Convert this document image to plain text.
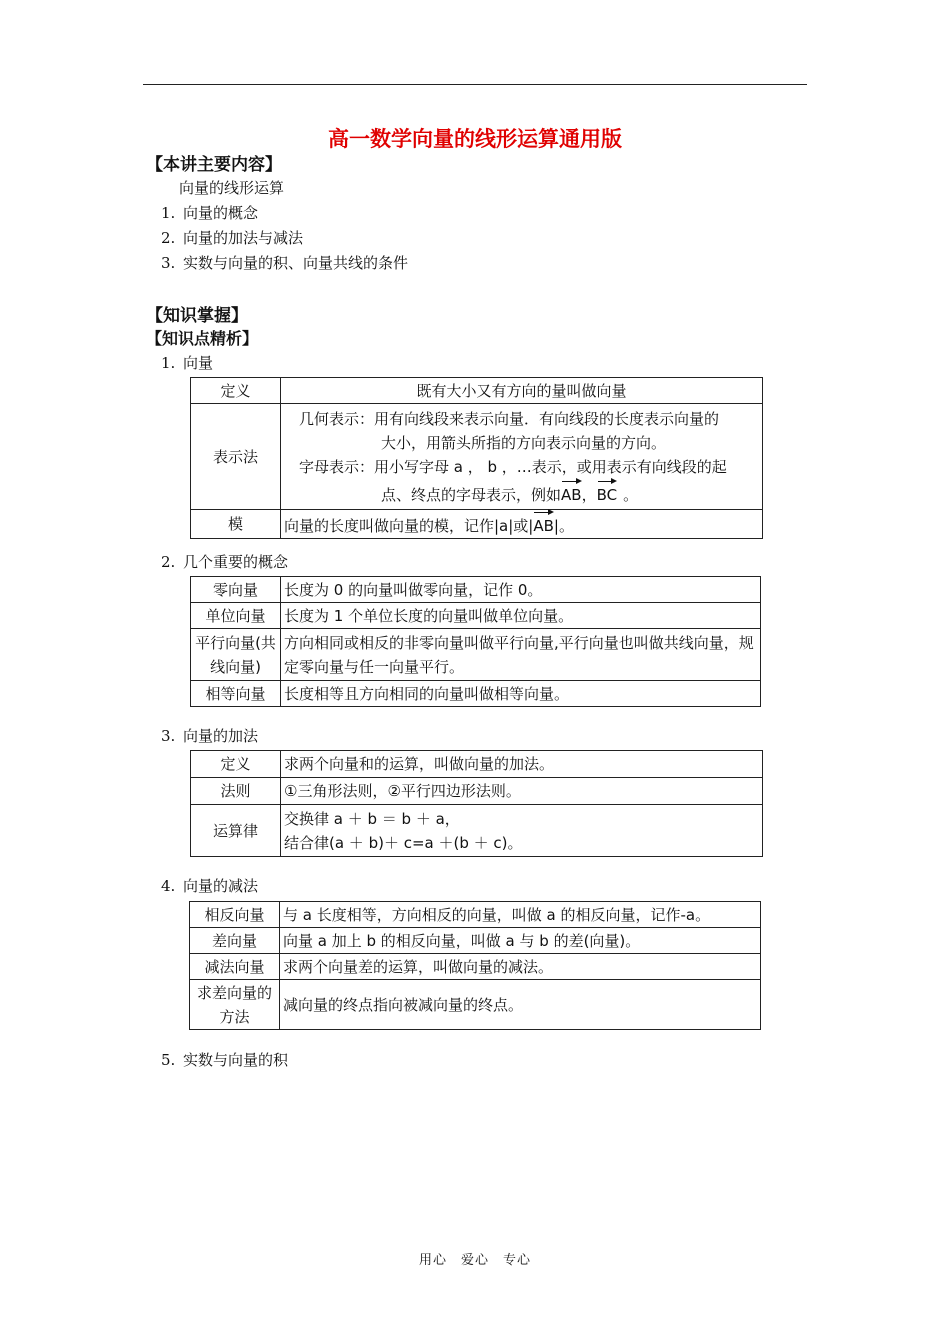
高一数学向量的线形运算通用版
【本讲主要内容】
向量的线形运算
1. 向量的概念
2. 向量的加法与减法
3. 实数与向量的积、向量共线的条件
【知识掌握】
【知识点精析】
1. 向量
定义	既有大小又有方向的量叫做向量
表示法	几何表示：用有向线段来表示向量．有向线段的长度表示向量的
大小，用箭头所指的方向表示向量的方向。
字母表示：用小写字母 a ， b ，…表示，或用表示有向线段的起
点、终点的字母表示，例如AB，BC 。

模	向量的长度叫做向量的模，记作|a|或|AB|。
2. 几个重要的概念
零向量	长度为 0 的向量叫做零向量，记作 0。
单位向量	长度为 1 个单位长度的向量叫做单位向量。
平行向量(共线向量)	方向相同或相反的非零向量叫做平行向量,平行向量也叫做共线向量，规定零向量与任一向量平行。
相等向量	长度相等且方向相同的向量叫做相等向量。
3. 向量的加法
定义	求两个向量和的运算，叫做向量的加法。
法则	①三角形法则，②平行四边形法则。
运算律	交换律 a ＋ b ＝ b ＋ a，
结合律(a ＋ b)＋ c=a ＋(b ＋ c)。
4. 向量的减法
相反向量	与 a 长度相等，方向相反的向量，叫做 a 的相反向量，记作-a。
差向量	向量 a 加上 b 的相反向量，叫做 a 与 b 的差(向量)。
减法向量	求两个向量差的运算，叫做向量的减法。
求差向量的方法	减向量的终点指向被减向量的终点。
5. 实数与向量的积
用心　爱心　专心
